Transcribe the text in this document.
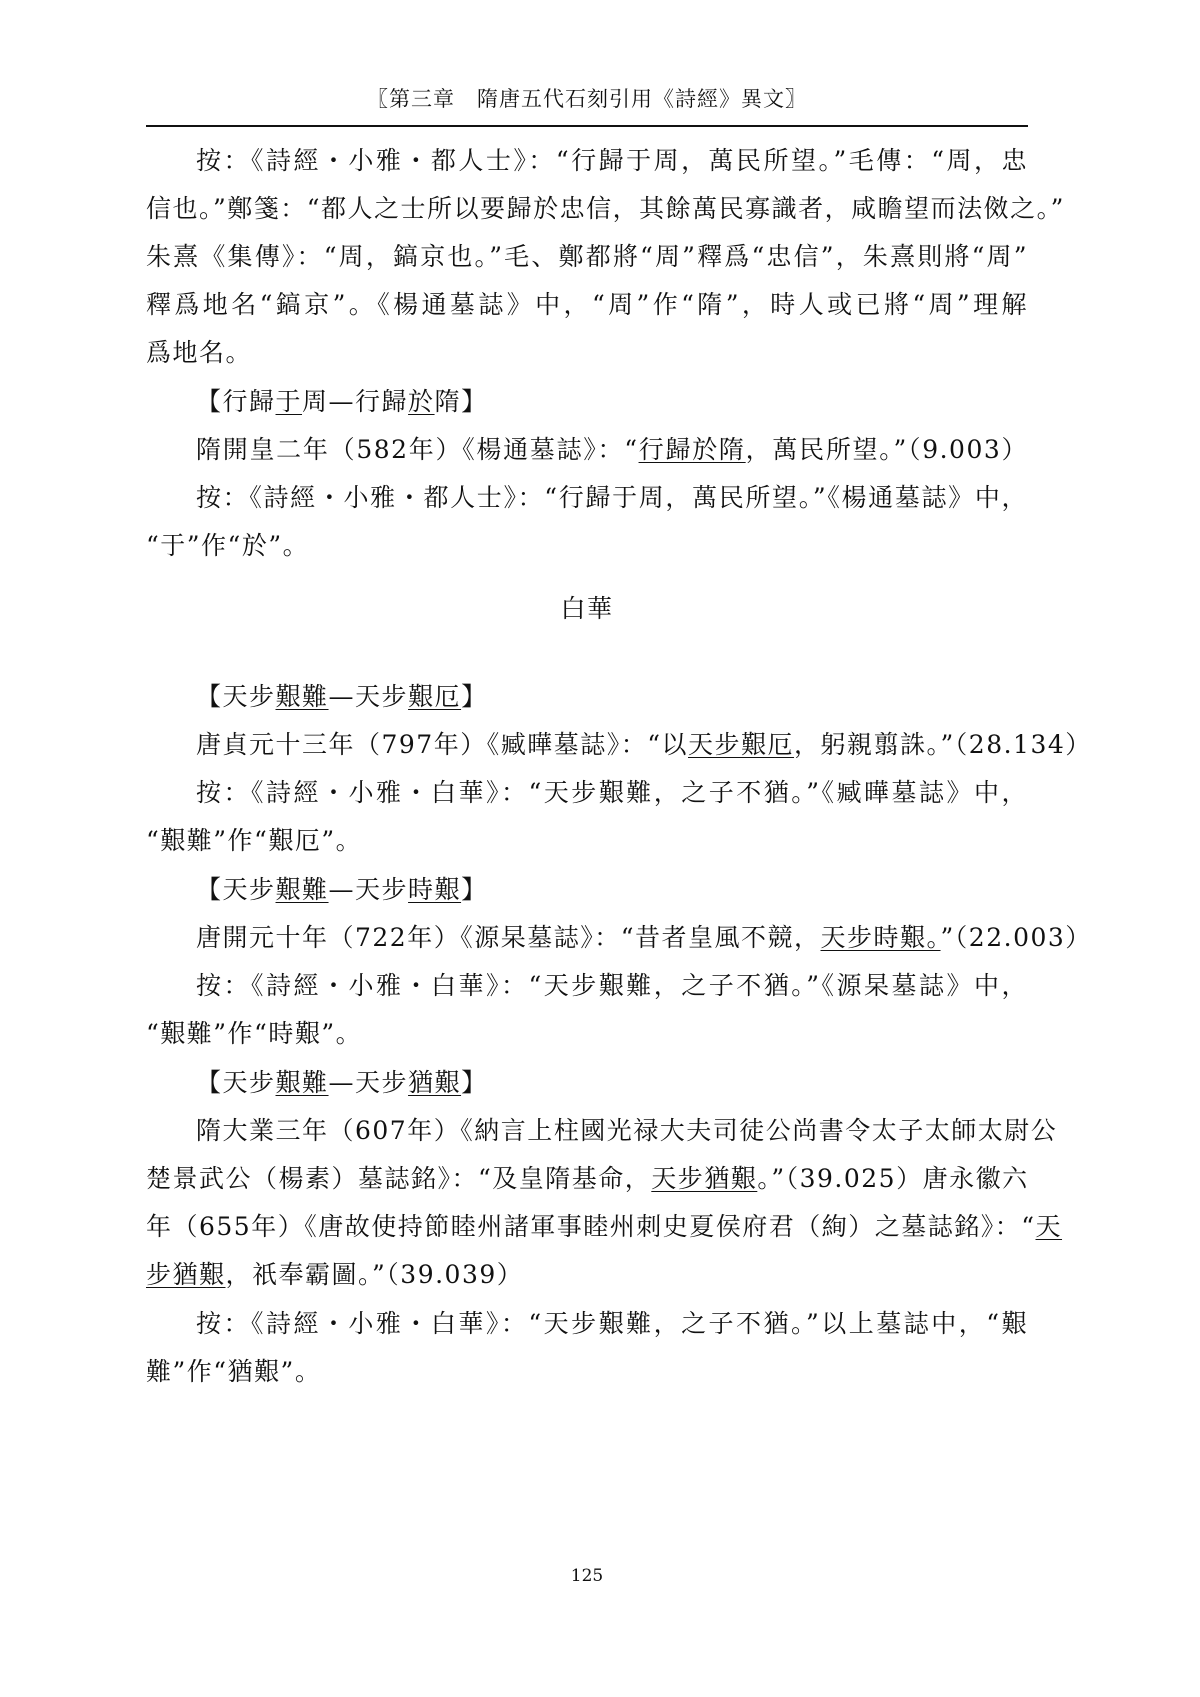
〖第三章　隋唐五代石刻引用《詩經》異文〗
按：《詩經・小雅・都人士》：“行歸于周，萬民所望。”毛傳：“周，忠
信也。”鄭箋：“都人之士所以要歸於忠信，其餘萬民寡識者，咸瞻望而法傚之。”
朱熹《集傳》：“周，鎬京也。”毛、鄭都將“周”釋爲“忠信”，朱熹則將“周”
釋爲地名“鎬京”。《楊通墓誌》中，“周”作“隋”，時人或已將“周”理解
爲地名。
【行歸于周—行歸於隋】
隋開皇二年（582年）《楊通墓誌》：“行歸於隋，萬民所望。”（9.003）
按：《詩經・小雅・都人士》：“行歸于周，萬民所望。”《楊通墓誌》中，
“于”作“於”。
白華
【天步艱難—天步艱厄】
唐貞元十三年（797年）《臧曄墓誌》：“以天步艱厄，躬親翦誅。”（28.134）
按：《詩經・小雅・白華》：“天步艱難，之子不猶。”《臧曄墓誌》中，
“艱難”作“艱厄”。
【天步艱難—天步時艱】
唐開元十年（722年）《源杲墓誌》：“昔者皇風不競，天步時艱。”（22.003）
按：《詩經・小雅・白華》：“天步艱難，之子不猶。”《源杲墓誌》中，
“艱難”作“時艱”。
【天步艱難—天步猶艱】
隋大業三年（607年）《納言上柱國光禄大夫司徒公尚書令太子太師太尉公
楚景武公（楊素）墓誌銘》：“及皇隋基命，天步猶艱。”（39.025）唐永徽六
年（655年）《唐故使持節睦州諸軍事睦州刺史夏侯府君（絢）之墓誌銘》：“天
步猶艱，祇奉霸圖。”（39.039）
按：《詩經・小雅・白華》：“天步艱難，之子不猶。”以上墓誌中，“艱
難”作“猶艱”。
125
